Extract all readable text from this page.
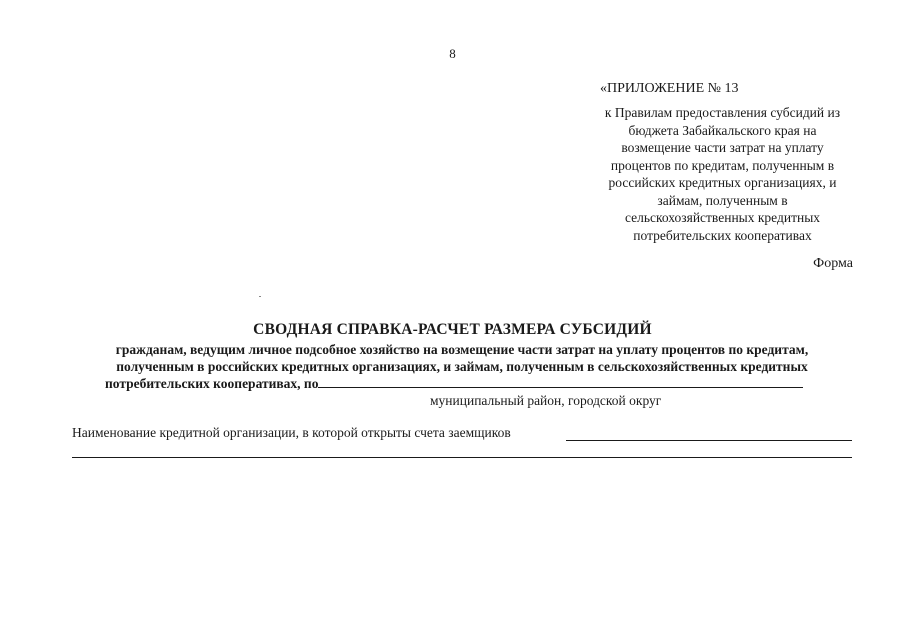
8
«ПРИЛОЖЕНИЕ № 13
к Правилам предоставления субсидий из
бюджета Забайкальского края на
возмещение части затрат на уплату
процентов по кредитам, полученным в
российских кредитных организациях, и
займам, полученным в
сельскохозяйственных кредитных
потребительских кооперативах
Форма
СВОДНАЯ СПРАВКА-РАСЧЕТ РАЗМЕРА СУБСИДИЙ
гражданам, ведущим личное подсобное хозяйство на возмещение части затрат на уплату процентов по кредитам,
полученным в российских кредитных организациях, и займам, полученным в сельскохозяйственных кредитных
потребительских кооперативах, по
муниципальный район, городской округ
Наименование кредитной организации, в которой открыты счета заемщиков
